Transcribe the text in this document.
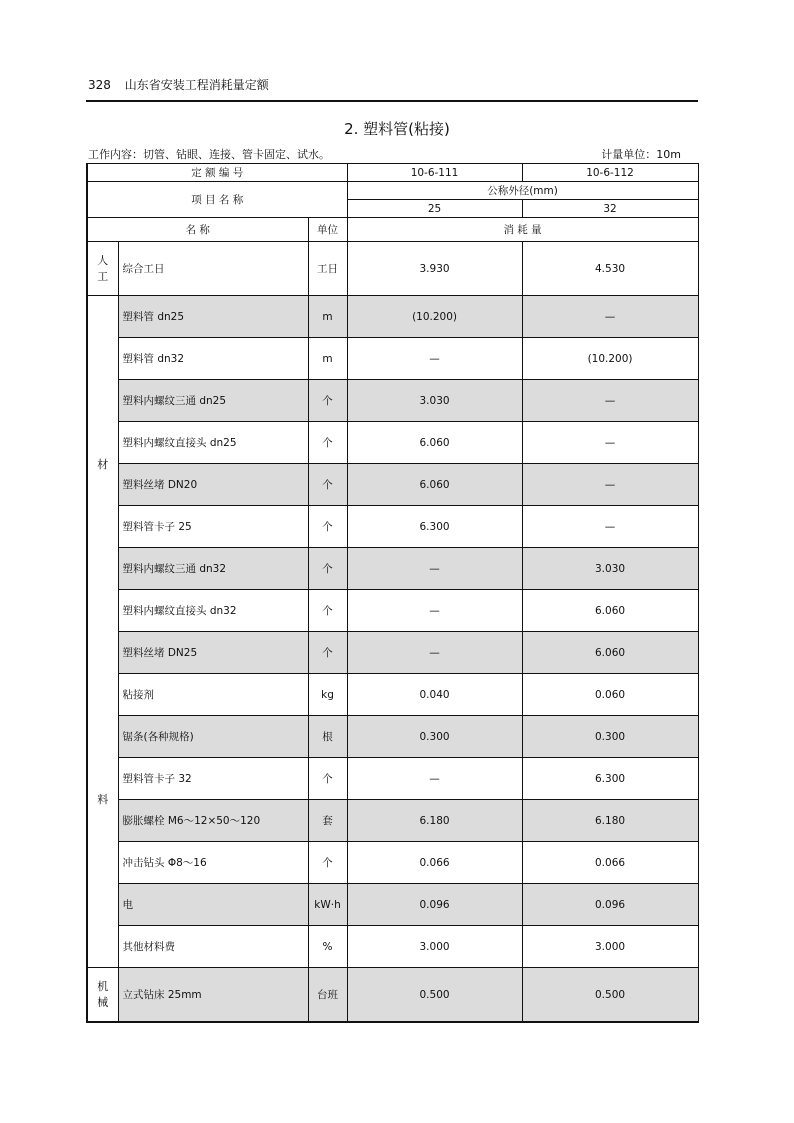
328 山东省安装工程消耗量定额
2. 塑料管(粘接)
工作内容：切管、钻眼、连接、管卡固定、试水。	计量单位：10m
定 额 编 号			10-6-111	10-6-112
项 目 名 称			公称外径(mm)	
			25	32
名 称		单位	消 耗 量	

人
工	综合工日	工日	3.930	4.530

材
料	塑料管 dn25	m	(10.200)	—
	塑料管 dn32	m	—	(10.200)
	塑料内螺纹三通 dn25	个	3.030	—
	塑料内螺纹直接头 dn25	个	6.060	—
	塑料丝堵 DN20	个	6.060	—
	塑料管卡子 25	个	6.300	—
	塑料内螺纹三通 dn32	个	—	3.030
	塑料内螺纹直接头 dn32	个	—	6.060
	塑料丝堵 DN25	个	—	6.060
	粘接剂	kg	0.040	0.060
	锯条(各种规格)	根	0.300	0.300
	塑料管卡子 32	个	—	6.300
	膨胀螺栓 M6～12×50～120	套	6.180	6.180
	冲击钻头 Φ8～16	个	0.066	0.066
	电	kW·h	0.096	0.096
	其他材料费	%	3.000	3.000

机
械	立式钻床 25mm	台班	0.500	0.500
